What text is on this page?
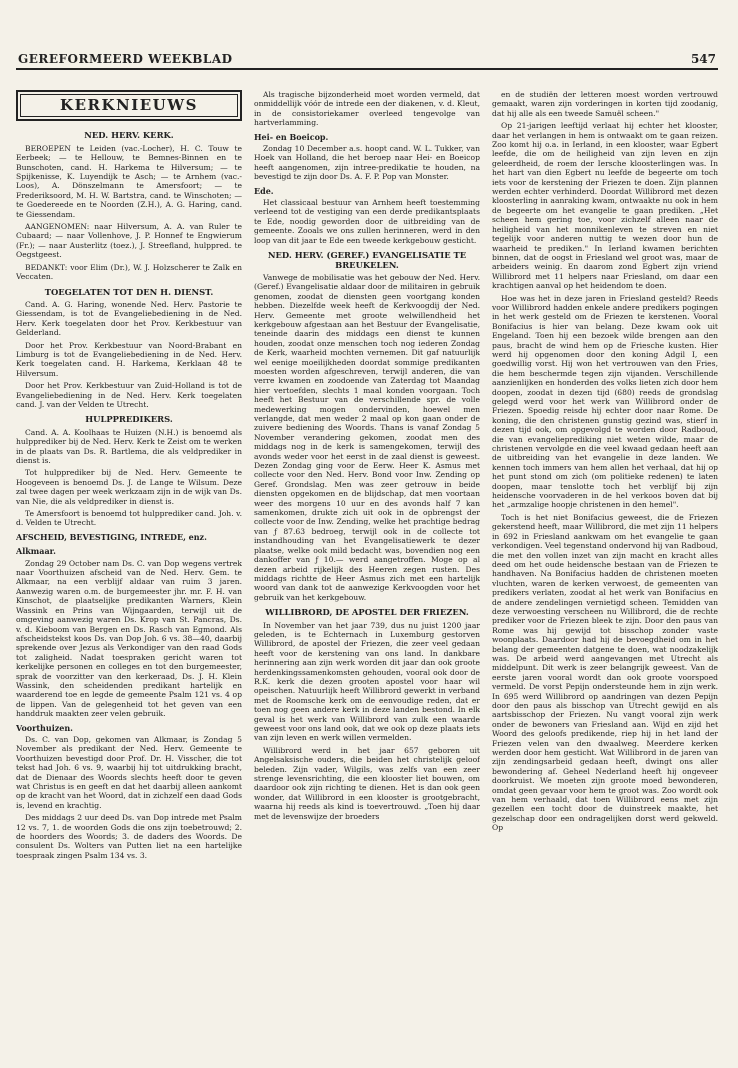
GEREFORMEERD WEEKBLAD	547
KERKNIEUWS
NED. HERV. KERK.

BEROEPEN te Leiden (vac.-Locher), H. C. Touw te Eerbeek; — te Hellouw, te Bemnes-Binnen en te Bunschoten, cand. H. Harkema te Hilversum; — te Spijkenisse, K. Luyendijk te Asch; — te Arnhem (vac.-Loos), A. Dönszelmann te Amersfoort; — te Frederiksoord, M. H. W. Bartstra, cand. te Winschoten; — te Goedereede en te Noorden (Z.H.), A. G. Haring, cand. te Giessendam.

AANGENOMEN: naar Hilversum, A. A. van Ruler te Cubaard; — naar Vollenhove, J. P. Honnef te Engwierum (Fr.); — naar Austerlitz (toez.), J. Streefland, hulppred. te Oegstgeest.

BEDANKT: voor Elim (Dr.), W. J. Holzscherer te Zalk en Veccaten.

TOEGELATEN TOT DEN H. DIENST.

Cand. A. G. Haring, wonende Ned. Herv. Pastorie te Giessendam, is tot de Evangeliebediening in de Ned. Herv. Kerk toegelaten door het Prov. Kerkbestuur van Gelderland.

Door het Prov. Kerkbestuur van Noord-Brabant en Limburg is tot de Evangeliebediening in de Ned. Herv. Kerk toegelaten cand. H. Harkema, Kerklaan 48 te Hilversum.

Door het Prov. Kerkbestuur van Zuid-Holland is tot de Evangeliebediening in de Ned. Herv. Kerk toegelaten cand. J. van der Velden te Utrecht.

HULPPREDIKERS.

Cand. A. A. Koolhaas te Huizen (N.H.) is benoemd als hulpprediker bij de Ned. Herv. Kerk te Zeist om te werken in de plaats van Ds. R. Bartlema, die als veldprediker in dienst is.

Tot hulpprediker bij de Ned. Herv. Gemeente te Hoogeveen is benoemd Ds. J. de Lange te Wilsum. Deze zal twee dagen per week werkzaam zijn in de wijk van Ds. van Nie, die als veldprediker in dienst is.

Te Amersfoort is benoemd tot hulpprediker cand. Joh. v. d. Velden te Utrecht.

AFSCHEID, BEVESTIGING, INTREDE, enz.
Alkmaar.

Zondag 29 October nam Ds. C. van Dop wegens vertrek naar Voorthuizen afscheid van de Ned. Herv. Gem. te Alkmaar, na een verblijf aldaar van ruim 3 jaren. Aanwezig waren o.m. de burgemeester jhr. mr. F. H. van Kinschot, de plaatselijke predikanten Warners, Klein Wassink en Prins van Wijngaarden, terwijl uit de omgeving aanwezig waren Ds. Krop van St. Pancras, Ds. v. d. Kieboom van Bergen en Ds. Rasch van Egmond. Als afscheidstekst koos Ds. van Dop Joh. 6 vs. 38—40, daarbij sprekende over Jezus als Verkondiger van den raad Gods tot zaligheid. Nadat toespraken gericht waren tot kerkelijke personen en colleges en tot den burgemeester, sprak de voorzitter van den kerkeraad, Ds. J. H. Klein Wassink, den scheidenden predikant hartelijk en waarderend toe en legde de gemeente Psalm 121 vs. 4 op de lippen. Van de gelegenheid tot het geven van een handdruk maakten zeer velen gebruik.

Voorthuizen.

Ds. C. van Dop, gekomen van Alkmaar, is Zondag 5 November als predikant der Ned. Herv. Gemeente te Voorthuizen bevestigd door Prof. Dr. H. Visscher, die tot tekst had Joh. 6 vs. 9, waarbij hij tot uitdrukking bracht, dat de Dienaar des Woords slechts heeft door te geven wat Christus is en geeft en dat het daarbij alleen aankomt op de kracht van het Woord, dat in zichzelf een daad Gods is, levend en krachtig.

Des middags 2 uur deed Ds. van Dop intrede met Psalm 12 vs. 7, 1. de woorden Gods die ons zijn toebetrouwd; 2. de hoorders des Woords; 3. de daders des Woords. De consulent Ds. Wolters van Putten liet na een hartelijke toespraak zingen Psalm 134 vs. 3.

Als tragische bijzonderheid moet worden vermeld, dat onmiddellijk vóór de intrede een der diakenen, v. d. Kleut, in de consistoriekamer overleed tengevolge van hartverlamming.

Hei- en Boeicop.

Zondag 10 December a.s. hoopt cand. W. L. Tukker, van Hoek van Holland, die het beroep naar Hei- en Boeicop heeft aangenomen, zijn intree-predikatie te houden, na bevestigd te zijn door Ds. A. F. P. Pop van Monster.

Ede.

Het classicaal bestuur van Arnhem heeft toestemming verleend tot de vestiging van een derde predikantsplaats te Ede, noodig geworden door de uitbreiding van de gemeente. Zooals we ons zullen herinneren, werd in den loop van dit jaar te Ede een tweede kerkgebouw gesticht.

NED. HERV. (GEREF.) EVANGELISATIE TE BREUKELEN.

Vanwege de mobilisatie was het gebouw der Ned. Herv. (Geref.) Evangelisatie aldaar door de militairen in gebruik genomen, zoodat de diensten geen voortgang konden hebben. Diezelfde week heeft de Kerkvoogdij der Ned. Herv. Gemeente met groote welwillendheid het kerkgebouw afgestaan aan het Bestuur der Evangelisatie, teneinde daarin des middags een dienst te kunnen houden, zoodat onze menschen toch nog iederen Zondag de Kerk, waarheid mochten vernemen. Dit gaf natuurlijk wel eenige moeilijkheden doordat sommige predikanten moesten worden afgeschreven, terwijl anderen, die van verre kwamen en zoodoende van Zaterdag tot Maandag hier vertoefden, slechts 1 maal konden voorgaan. Toch heeft het Bestuur van de verschillende spr. de volle medewerking mogen ondervinden, hoewel men verlangde, dat men weder 2 maal op kon gaan onder de zuivere bediening des Woords. Thans is vanaf Zondag 5 November verandering gekomen, zoodat men des middags nog in de kerk is samengekomen, terwijl des avonds weder voor het eerst in de zaal dienst is geweest. Dezen Zondag ging voor de Eerw. Heer K. Asmus met collecte voor den Ned. Herv. Bond voor Inw. Zending op Geref. Grondslag. Men was zeer getrouw in beide diensten opgekomen en de blijdschap, dat men voortaan weer des morgens 10 uur en des avonds half 7 kan samenkomen, drukte zich uit ook in de opbrengst der collecte voor de Inw. Zending, welke het prachtige bedrag van ƒ 87.63 bedroeg, terwijl ook in de collecte tot instandhouding van het Evangelisatiewerk te dezer plaatse, welke ook mild bedacht was, bovendien nog een dankoffer van ƒ 10.— werd aangetroffen. Moge op al dezen arbeid rijkelijk des Heeren zegen rusten. Des middags richtte de Heer Asmus zich met een hartelijk woord van dank tot de aanwezige Kerkvoogden voor het gebruik van het kerkgebouw.

WILLIBRORD, DE APOSTEL DER FRIEZEN.

In November van het jaar 739, dus nu juist 1200 jaar geleden, is te Echternach in Luxemburg gestorven Willibrord, de apostel der Friezen, die zeer veel gedaan heeft voor de kerstening van ons land. In dankbare herinnering aan zijn werk worden dit jaar dan ook groote herdenkingssamenkomsten gehouden, vooral ook door de R.K. kerk die dezen grooten apostel voor haar wil opeischen. Natuurlijk heeft Willibrord gewerkt in verband met de Roomsche kerk om de eenvoudige reden, dat er toen nog geen andere kerk in deze landen bestond. In elk geval is het werk van Willibrord van zulk een waarde geweest voor ons land ook, dat we ook op deze plaats iets van zijn leven en werk willen vermelden.

Willibrord werd in het jaar 657 geboren uit Angelsaksische ouders, die beiden het christelijk geloof beleden. Zijn vader, Wilgils, was zelfs van een zeer strenge levensrichting, die een klooster liet bouwen, om daardoor ook zijn richting te dienen. Het is dan ook geen wonder, dat Willibrord in een klooster is grootgebracht, waarna hij reeds als kind is toevertrouwd. „Toen hij daar met de levenswijze der broeders

en de studiën der letteren moest worden vertrouwd gemaakt, waren zijn vorderingen in korten tijd zoodanig, dat hij alle als een tweede Samuël scheen."

Op 21-jarigen leeftijd verlaat hij echter het klooster, daar het verlangen in hem is ontwaakt om te gaan reizen. Zoo komt hij o.a. in Ierland, in een klooster, waar Egbert leefde, die om de heiligheid van zijn leven en zijn geleerdheid, de roem der Iersche kloosterlingen was. In het hart van dien Egbert nu leefde de begeerte om toch iets voor de kerstening der Friezen te doen. Zijn plannen werden echter verhinderd. Doordat Willibrord met dezen kloosterling in aanraking kwam, ontwaakte nu ook in hem de begeerte om het evangelie te gaan prediken. „Het scheen hem gering toe, voor zichzelf alleen naar de heiligheid van het monnikenleven te streven en niet tegelijk voor anderen nuttig te wezen door hun de waarheid te prediken." In Ierland kwamen berichten binnen, dat de oogst in Friesland wel groot was, maar de arbeiders weinig. En daarom zond Egbert zijn vriend Willibrord met 11 helpers naar Friesland, om daar een krachtigen aanval op het heidendom te doen.

Hoe was het in deze jaren in Friesland gesteld? Reeds voor Willibrord hadden enkele andere predikers pogingen in het werk gesteld om de Friezen te kerstenen. Vooral Bonifacius is hier van belang. Deze kwam ook uit Engeland. Toen hij een bezoek wilde brengen aan den paus, bracht de wind hem op de Friesche kusten. Hier werd hij opgenomen door den koning Adgil I, een goedwillig vorst. Hij won het vertrouwen van den Fries, die hem beschermde tegen zijn vijanden. Verschillende aanzienlijken en honderden des volks lieten zich door hem doopen, zoodat in dezen tijd (680) reeds de grondslag gelegd werd voor het werk van Willibrord onder de Friezen. Spoedig reisde hij echter door naar Rome. De koning, die den christenen gunstig gezind was, stierf in dezen tijd ook, om opgevolgd te worden door Radboud, die van evangelieprediking niet weten wilde, maar de christenen vervolgde en die veel kwaad gedaan heeft aan de uitbreiding van het evangelie in deze landen. We kennen toch immers van hem allen het verhaal, dat hij op het punt stond om zich (om politieke redenen) te laten doopen, maar tenslotte toch het verblijf bij zijn heidensche voorvaderen in de hel verkoos boven dat bij het „armzalige hoopje christenen in den hemel".

Toch is het niet Bonifacius geweest, die de Friezen gekerstend heeft, maar Willibrord, die met zijn 11 helpers in 692 in Friesland aankwam om het evangelie te gaan verkondigen. Veel tegenstand ondervond hij van Radboud, die met den vollen inzet van zijn macht en kracht alles deed om het oude heidensche bestaan van de Friezen te handhaven. Na Bonifacius hadden de christenen moeten vluchten, waren de kerken verwoest, de gemeenten van predikers verlaten, zoodat al het werk van Bonifacius en de andere zendelingen vernietigd scheen. Temidden van deze verwoesting verscheen nu Willibrord, die de rechte prediker voor de Friezen bleek te zijn. Door den paus van Rome was hij gewijd tot bisschop zonder vaste woonplaats. Daardoor had hij de bevoegdheid om in het belang der gemeenten datgene te doen, wat noodzakelijk was. De arbeid werd aangevangen met Utrecht als middelpunt. Dit werk is zeer belangrijk geweest. Van de eerste jaren vooral wordt dan ook groote voorspoed vermeld. De vorst Pepijn ondersteunde hem in zijn werk. In 695 werd Willibrord op aandringen van dezen Pepijn door den paus als bisschop van Utrecht gewijd en als aartsbisschop der Friezen. Nu vangt vooral zijn werk onder de bewoners van Friesland aan. Wijd en zijd het Woord des geloofs predikende, riep hij in het land der Friezen velen van den dwaalweg. Meerdere kerken werden door hem gesticht. Wat Willibrord in de jaren van zijn zendingsarbeid gedaan heeft, dwingt ons aller bewondering af. Geheel Nederland heeft hij ongeveer doorkruist. We moeten zijn groote moed bewonderen, omdat geen gevaar voor hem te groot was. Zoo wordt ook van hem verhaald, dat toen Willibrord eens met zijn gezellen een tocht door de duinstreek maakte, het gezelschap door een ondragelijken dorst werd gekweld. Op
